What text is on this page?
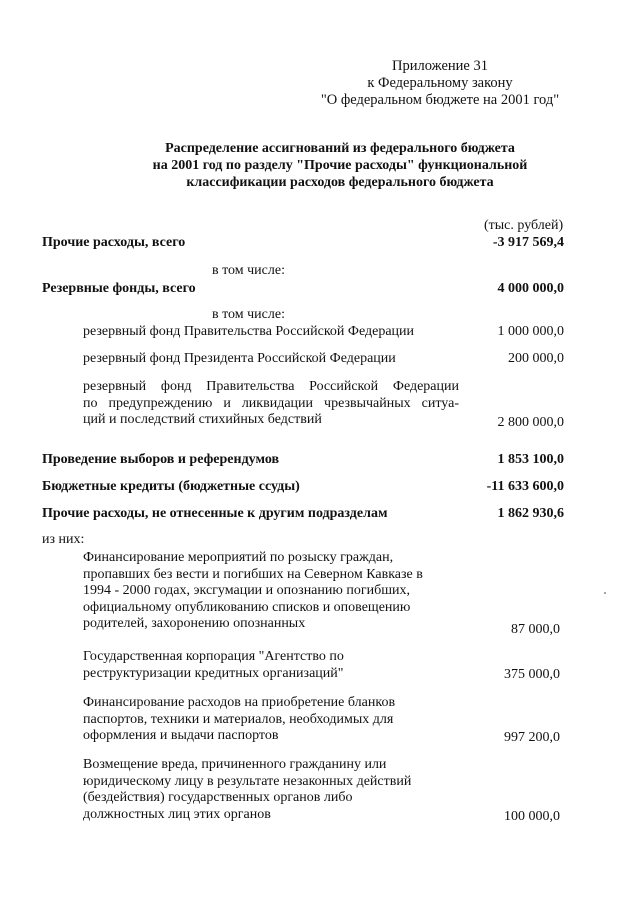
Приложение 31
к Федеральному закону
"О федеральном бюджете на 2001 год"
Распределение ассигнований из федерального бюджета
на 2001 год по разделу "Прочие расходы" функциональной
классификации расходов федерального бюджета
(тыс. рублей)
Прочие расходы, всего	-3 917 569,4
в том числе:
Резервные фонды, всего	4 000 000,0
в том числе:
резервный фонд Правительства Российской Федерации	1 000 000,0
резервный фонд Президента Российской Федерации	200 000,0
резервный фонд Правительства Российской Федерации
по предупреждению и ликвидации чрезвычайных ситуа-
ций и последствий стихийных бедствий	2 800 000,0
Проведение выборов и референдумов	1 853 100,0
Бюджетные кредиты (бюджетные ссуды)	-11 633 600,0
Прочие расходы, не отнесенные к другим подразделам	1 862 930,6
из них:
Финансирование мероприятий по розыску граждан,
пропавших без вести и погибших на Северном Кавказе в
1994 - 2000 годах, эксгумации и опознанию погибших,
официальному опубликованию списков и оповещению
родителей, захоронению опознанных	87 000,0
Государственная корпорация "Агентство по
реструктуризации кредитных организаций"	375 000,0
Финансирование расходов на приобретение бланков
паспортов, техники и материалов, необходимых для
оформления и выдачи паспортов	997 200,0
Возмещение вреда, причиненного гражданину или
юридическому лицу в результате незаконных действий
(бездействия) государственных органов либо
должностных лиц этих органов	100 000,0
